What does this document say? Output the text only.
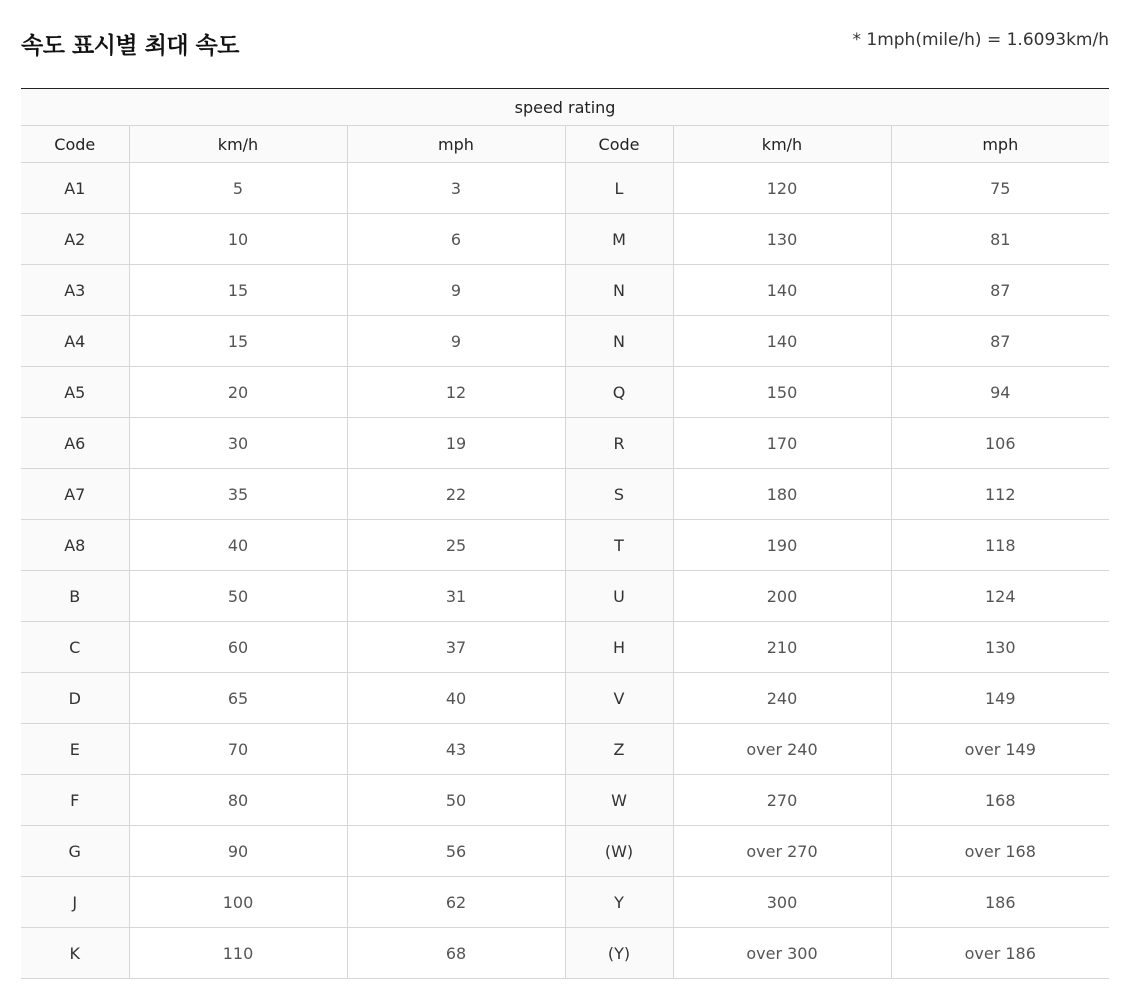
속도 표시별 최대 속도	* 1mph(mile/h) = 1.6093km/h
speed rating					
Code	km/h	mph	Code	km/h	mph
A1	5	3	L	120	75
A2	10	6	M	130	81
A3	15	9	N	140	87
A4	15	9	N	140	87
A5	20	12	Q	150	94
A6	30	19	R	170	106
A7	35	22	S	180	112
A8	40	25	T	190	118
B	50	31	U	200	124
C	60	37	H	210	130
D	65	40	V	240	149
E	70	43	Z	over 240	over 149
F	80	50	W	270	168
G	90	56	(W)	over 270	over 168
J	100	62	Y	300	186
K	110	68	(Y)	over 300	over 186
